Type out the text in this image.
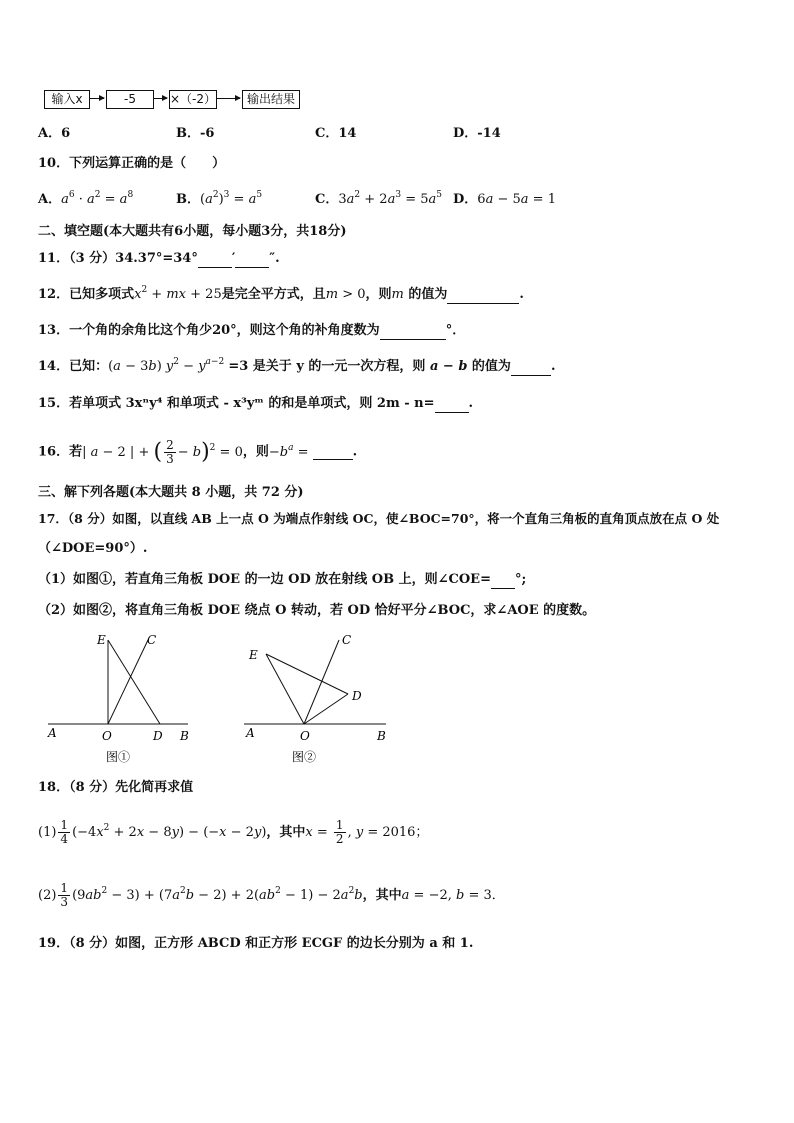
输入x	-5	×（-2）	输出结果
A．6	B．-6	C．14	D．-14
10．下列运算正确的是（　　）
A．$a^6 \cdot a^2 = a^8$	B．$(a^2)^3 = a^5$	C．$3a^2 + 2a^3 = 5a^5$ D．6a − 5a = 1
二、填空题(本大题共有6小题，每小题3分，共18分)
11．（3 分）34.37°=34°	′	″.
12．已知多项式$x^2$ + mx + 25是完全平方式，且m > 0，则m 的值为	.
13．一个角的余角比这个角少20°，则这个角的补角度数为	°．
14．已知：(a − 3b) $y^2 - y^{a-2} =3$ 是关于 y 的一元一次方程，则 a − b 的值为	.
15．若单项式 3xⁿy⁴ 和单项式 - x³yᵐ 的和是单项式，则 2m - n=	.
16．若| a − 2 | + ( $\frac{2}{3} - b)^2 = 0$，则$-b^a$ =	.
三、解下列各题(本大题共 8 小题，共 72 分)
17．（8 分）如图，以直线 AB 上一点 O 为端点作射线 OC，使∠BOC=70°，将一个直角三角板的直角顶点放在点 O 处
（∠DOE=90°）.
（1）如图①，若直角三角板 DOE 的一边 OD 放在射线 OB 上，则∠COE= °;
（2）如图②，将直角三角板 DOE 绕点 O 转动，若 OD 恰好平分∠BOC，求∠AOE 的度数。
E	C
A	O	D B
图①
E
C
D
A	O	B
图②
18．（8 分）先化简再求值
$(1) \frac{1}{4} (-4x^2 + 2x - 8y) - (-x - 2y)$，其中$x = \frac{1}{2}$ , y = 2016；
$(2) \frac{1}{3} (9ab^2 - 3) + (7a^2b - 2) + 2(ab^2 - 1) - 2a^2b$，其中a = −2, b = 3．
19．（8 分）如图，正方形 ABCD 和正方形 ECGF 的边长分别为 a 和 1.
